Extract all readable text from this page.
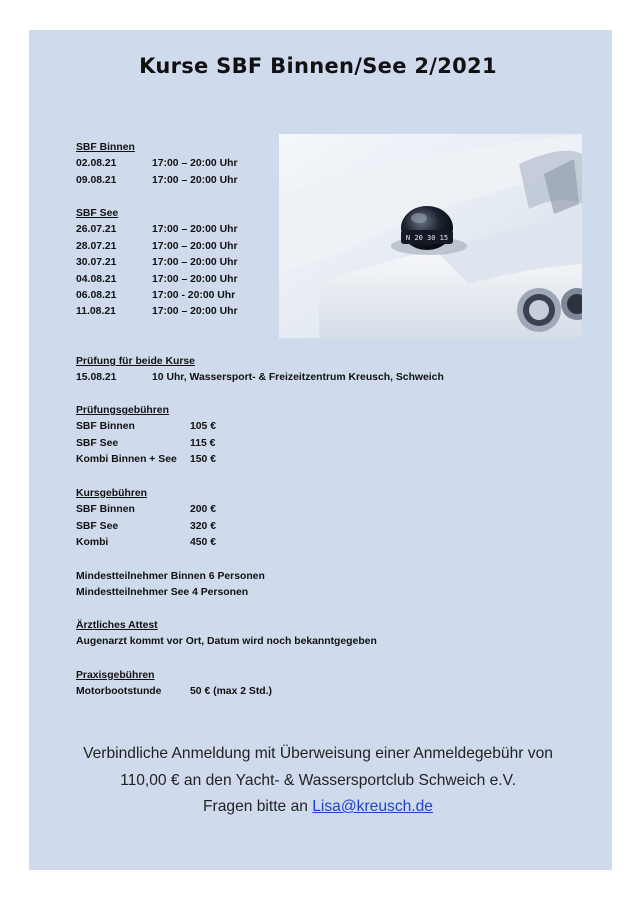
Kurse SBF Binnen/See 2/2021
SBF Binnen
02.08.21	17:00 – 20:00 Uhr
09.08.21	17:00 – 20:00 Uhr
SBF See
26.07.21	17:00 – 20:00 Uhr
28.07.21	17:00 – 20:00 Uhr
30.07.21	17:00 – 20:00 Uhr
04.08.21	17:00 – 20:00 Uhr
06.08.21	17:00 - 20:00 Uhr
11.08.21	17:00 – 20:00 Uhr
N 20 30 15
Prüfung für beide Kurse
15.08.21	10 Uhr, Wassersport- & Freizeitzentrum Kreusch, Schweich
Prüfungsgebühren
SBF Binnen	105 €
SBF See	115 €
Kombi Binnen + See 150 €
Kursgebühren
SBF Binnen	200 €
SBF See	320 €
Kombi	450 €
Mindestteilnehmer Binnen 6 Personen
Mindestteilnehmer See 4 Personen
Ärztliches Attest
Augenarzt kommt vor Ort, Datum wird noch bekanntgegeben
Praxisgebühren
Motorbootstunde	50 € (max 2 Std.)
Verbindliche Anmeldung mit Überweisung einer Anmeldegebühr von
110,00 € an den Yacht- & Wassersportclub Schweich e.V.
Fragen bitte an Lisa@kreusch.de
